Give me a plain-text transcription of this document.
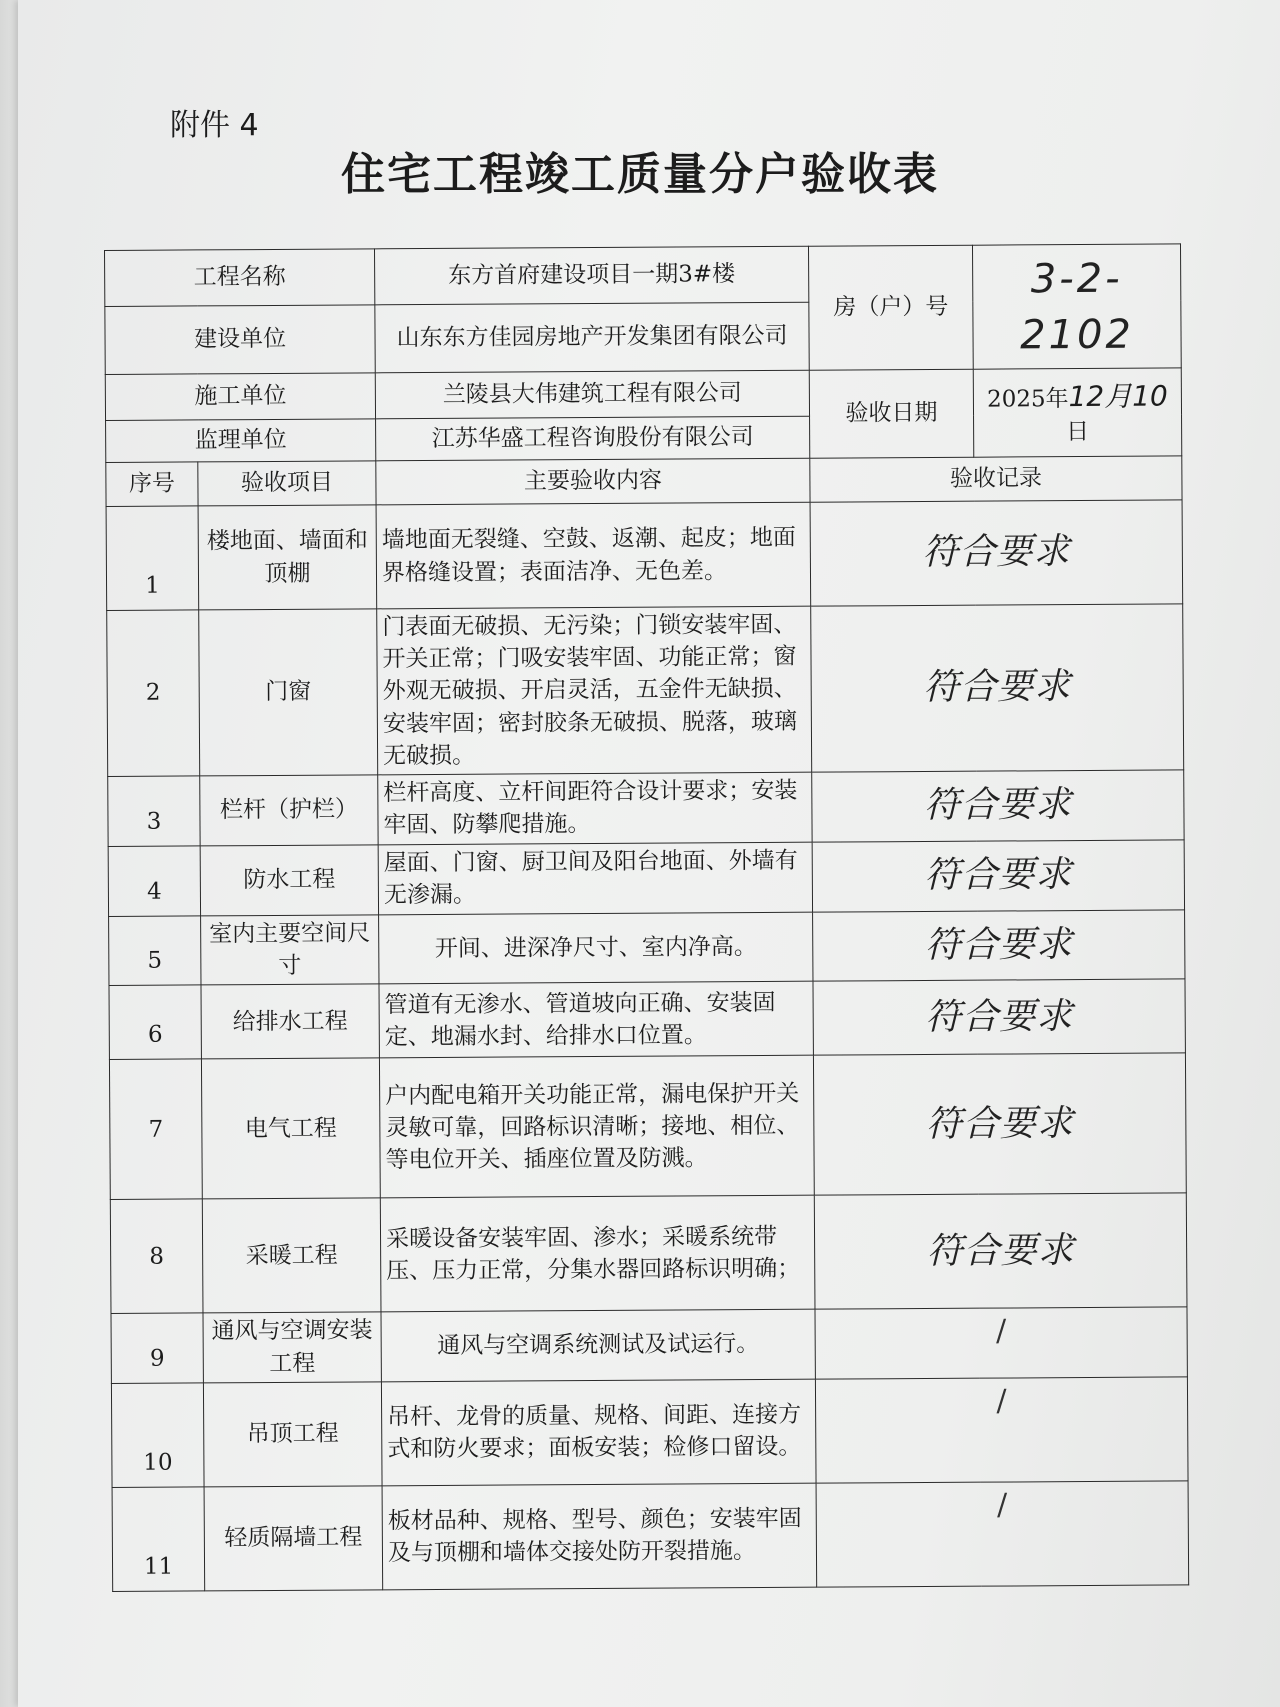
附件 4
住宅工程竣工质量分户验收表
工程名称		东方首府建设项目一期3#楼	房（户）号	3-2-2102
建设单位		山东东方佳园房地产开发集团有限公司		
施工单位		兰陵县大伟建筑工程有限公司	验收日期	2025年12月10日
监理单位		江苏华盛工程咨询股份有限公司		
序号	验收项目	主要验收内容	验收记录	
1	楼地面、墙面和顶棚	墙地面无裂缝、空鼓、返潮、起皮；地面界格缝设置；表面洁净、无色差。	符合要求	
2	门窗	门表面无破损、无污染；门锁安装牢固、开关正常；门吸安装牢固、功能正常；窗外观无破损、开启灵活，五金件无缺损、 安装牢固；密封胶条无破损、脱落，玻璃无破损。	符合要求	
3	栏杆（护栏）	栏杆高度、立杆间距符合设计要求；安装牢固、防攀爬措施。	符合要求	
4	防水工程	屋面、门窗、厨卫间及阳台地面、外墙有无渗漏。	符合要求	
5	室内主要空间尺寸	开间、进深净尺寸、室内净高。	符合要求	
6	给排水工程	管道有无渗水、管道坡向正确、安装固定、地漏水封、给排水口位置。	符合要求	
7	电气工程	户内配电箱开关功能正常，漏电保护开关灵敏可靠，回路标识清晰；接地、相位、等电位开关、插座位置及防溅。	符合要求	
8	采暖工程	采暖设备安装牢固、渗水；采暖系统带压、压力正常，分集水器回路标识明确；	符合要求	
9	通风与空调安装工程	通风与空调系统测试及试运行。	/	
10	吊顶工程	吊杆、龙骨的质量、规格、间距、连接方式和防火要求；面板安装；检修口留设。	/	
11	轻质隔墙工程	板材品种、规格、型号、颜色；安装牢固及与顶棚和墙体交接处防开裂措施。	/	
